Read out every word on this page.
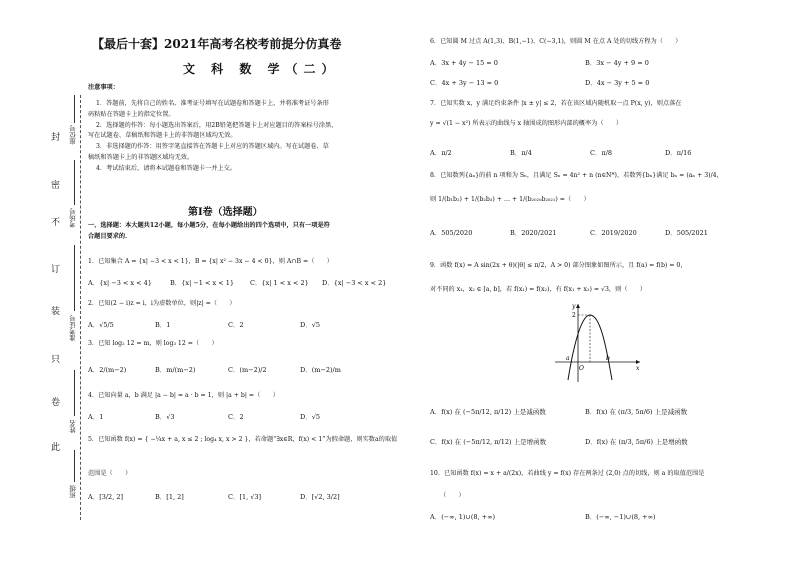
封
密
不
订
装
只
卷
此
座位号
考场号
准考证号
姓名
班级
【最后十套】2021年高考名校考前提分仿真卷
文 科 数 学（二）
注意事项：
1．答题前，先将自己的姓名、准考证号填写在试题卷和答题卡上，并将准考证号条形
码粘贴在答题卡上的指定位置。
2．选择题的作答：每小题选出答案后，用2B铅笔把答题卡上对应题目的答案标号涂黑，
写在试题卷、草稿纸和答题卡上的非答题区域均无效。
3．非选择题的作答：用签字笔直接答在答题卡上对应的答题区域内。写在试题卷、草
稿纸和答题卡上的非答题区域均无效。
4．考试结束后，请将本试题卷和答题卡一并上交。
第Ⅰ卷（选择题）
一、选择题：本大题共12小题，每小题5分，在每小题给出的四个选项中，只有一项是符
合题目要求的．
1．已知集合 A = {x| −3 < x < 1}，B = {x| x² − 3x − 4 < 0}，则 A∩B =（　　）
A．{x| −3 < x < 4}	B．{x| −1 < x < 1} C．{x| 1 < x < 2} D．{x| −3 < x < 2}
2．已知(2 − i)z = i，i为虚数单位，则|z| =（　　）
A．√5/5	B．1	C．2	D．√5
3．已知 log₂ 12 = m，则 log₃ 12 =（　　）
A．2/(m−2)	B．m/(m−2)	C．(m−2)/2	D．(m−2)/m
4．已知向量 a，b 满足 |a − b| = a · b = 1，则 |a + b| =（　　）
A．1	B．√3	C．2	D．√5
5．已知函数 f(x) = { −¼x + a, x ≤ 2 ; log₄ x, x > 2 }，若命题“∃x∈R，f(x) < 1”为假命题，则实数a的取值
范围是（　　）
A．[3/2, 2]	B．[1, 2]	C．[1, √3]	D．[√2, 3/2]
6．已知圆 M 过点 A(1,3)、B(1,−1)、C(−3,1)，则圆 M 在点 A 处的切线方程为（　　）
A．3x + 4y − 15 = 0	B．3x − 4y + 9 = 0
C．4x + 3y − 13 = 0	D．4x − 3y + 5 = 0
7．已知实数 x，y 满足约束条件 |x ± y| ≤ 2，若在该区域内随机取一点 P(x, y)，则点落在
y = √(1 − x²) 所表示的曲线与 x 轴围成的图形内部的概率为（　　）
A．π/2	B．π/4	C．π/8	D．π/16
8．已知数列{aₙ}的前 n 项和为 Sₙ，且满足 Sₙ = 4n² + n (n∈N*)，若数列{bₙ}满足 bₙ = (aₙ + 3)/4，
则 1/(b₁b₂) + 1/(b₂b₃) + … + 1/(b₂₀₂₀b₂₀₂₁) =（　　）
A．505/2020	B．2020/2021	C．2019/2020	D．505/2021
9．函数 f(x) = A sin(2x + θ)(|θ| ≤ π/2，A > 0) 部分图象如图所示，且 f(a) = f(b) = 0，
对不同的 x₁，x₂ ∈ [a, b]，若 f(x₁) = f(x₂)，有 f(x₁ + x₂) = √3，则（　　）
y
x
O
a	b
2
A．f(x) 在 (−5π/12, π/12) 上是减函数	B．f(x) 在 (π/3, 5π/6) 上是减函数
C．f(x) 在 (−5π/12, π/12) 上是增函数	D．f(x) 在 (π/3, 5π/6) 上是增函数
10．已知函数 f(x) = x + a/(2x)，若曲线 y = f(x) 存在两条过 (2,0) 点的切线，则 a 的取值范围是
（　　）
A．(−∞, 1)∪(8, +∞)	B．(−∞, −1)∪(8, +∞)
